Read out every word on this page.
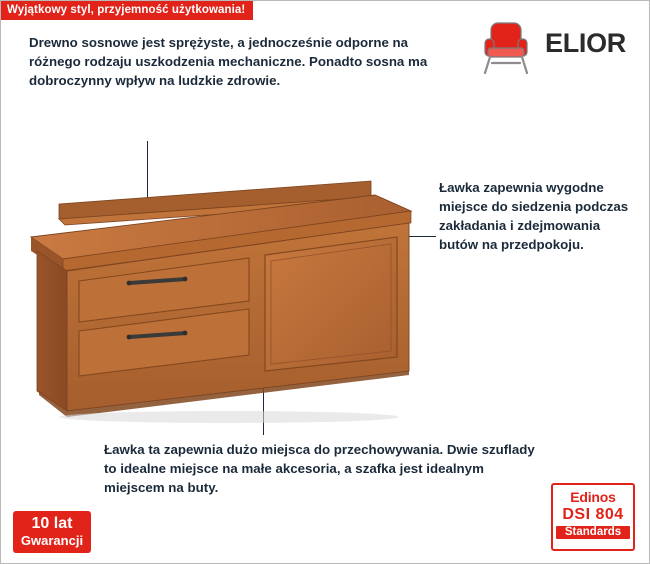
Wyjątkowy styl, przyjemność użytkowania!
ELIOR
Drewno sosnowe jest sprężyste, a jednocześnie odporne na różnego rodzaju uszkodzenia mechaniczne. Ponadto sosna ma dobroczynny wpływ na ludzkie zdrowie.
Ławka zapewnia wygodne miejsce do siedzenia podczas zakładania i zdejmowania butów na przedpokoju.
Ławka ta zapewnia dużo miejsca do przechowywania. Dwie szuflady to idealne miejsce na małe akcesoria, a szafka jest idealnym miejscem na buty.
10 lat
Gwarancji
Edinos
DSI 804
Standards
